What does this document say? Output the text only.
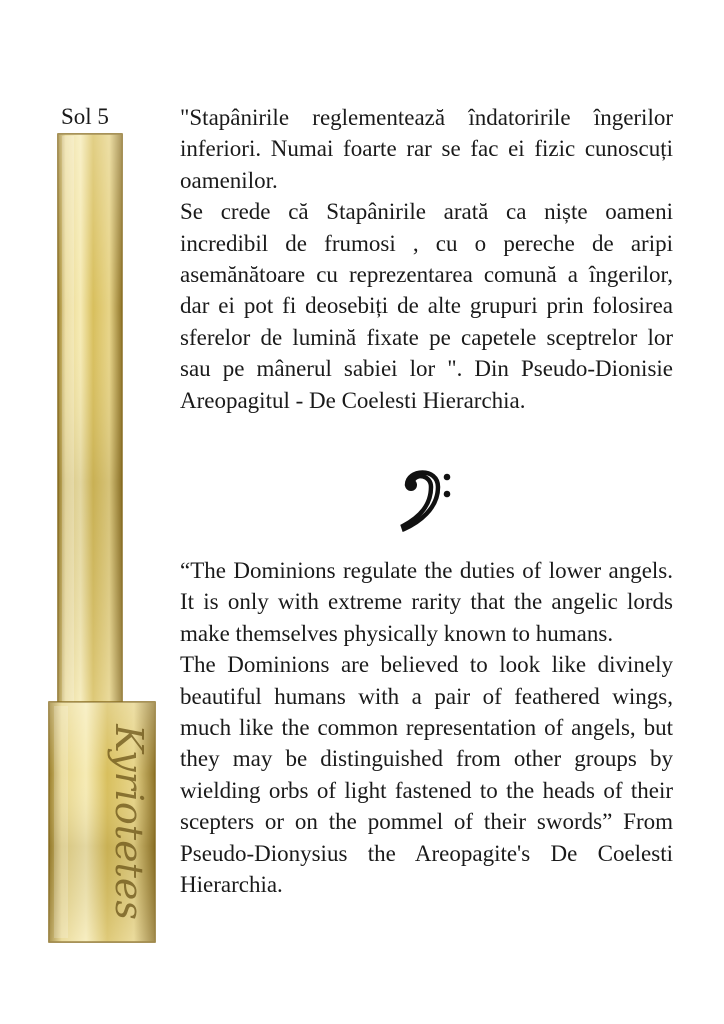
Sol 5
Kyriotetes

"Stapânirile reglementează îndatoririle îngerilor inferiori. Numai foarte rar se fac ei fizic cunoscuți oamenilor.

Se crede că Stapânirile arată ca niște oameni incredibil de frumosi , cu o pereche de aripi asemănătoare cu reprezentarea comună a îngerilor, dar ei pot fi deosebiți de alte grupuri prin folosirea sferelor de lumină fixate pe capetele sceptrelor lor sau pe mânerul sabiei lor ". Din Pseudo-Dionisie Areopagitul - De Coelesti Hierarchia.

“The Dominions regulate the duties of lower angels. It is only with extreme rarity that the angelic lords make themselves physically known to humans.

The Dominions are believed to look like divinely beautiful humans with a pair of feathered wings, much like the common representation of angels, but they may be distinguished from other groups by wielding orbs of light fastened to the heads of their scepters or on the pommel of their swords” From Pseudo-Dionysius the Areopagite's De Coelesti Hierarchia.
